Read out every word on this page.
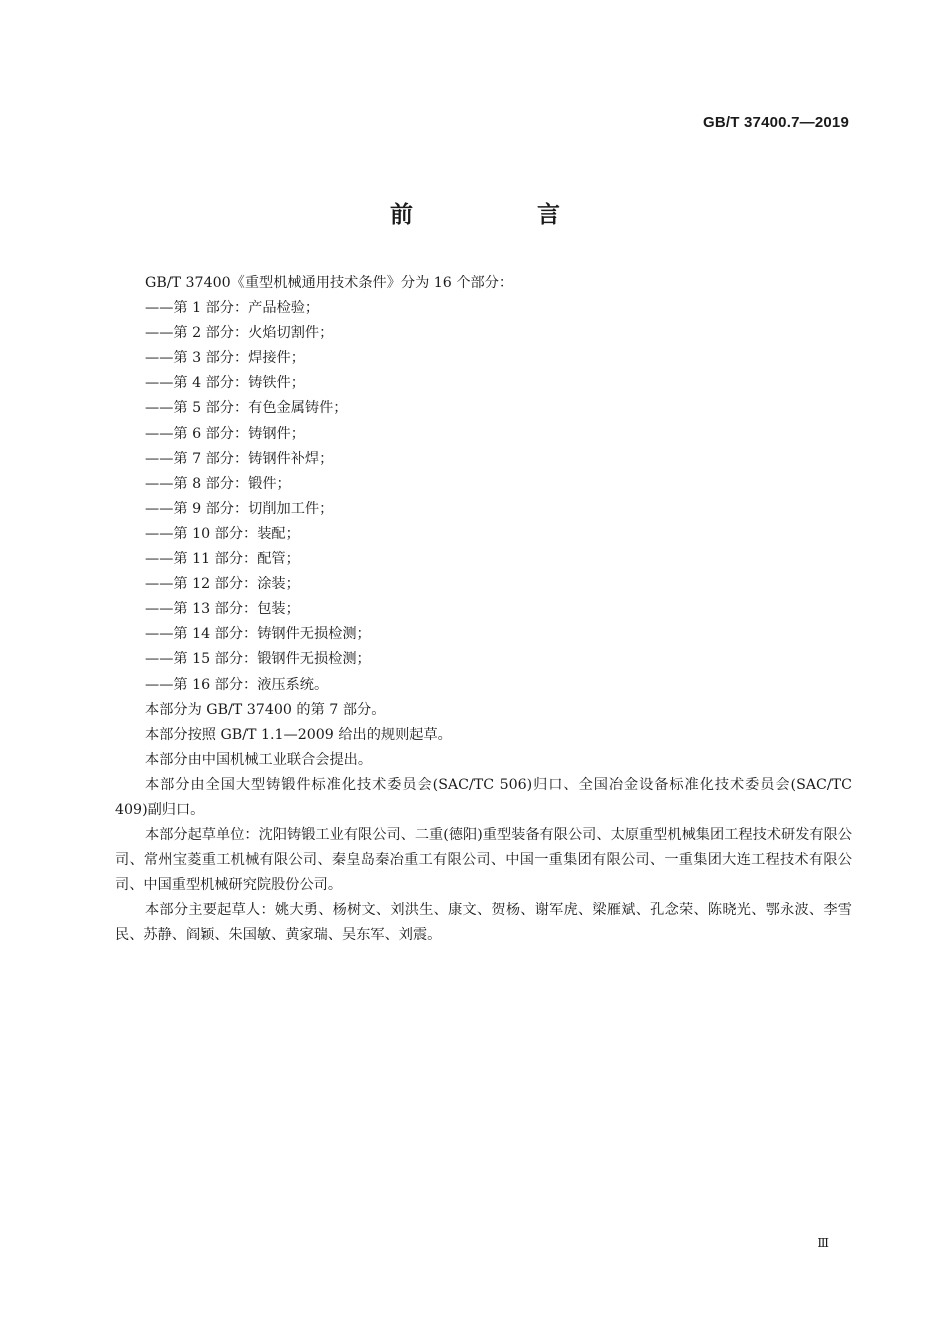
GB/T 37400.7—2019
前 言

GB/T 37400《重型机械通用技术条件》分为 16 个部分：

——第 1 部分：产品检验；
——第 2 部分：火焰切割件；
——第 3 部分：焊接件；
——第 4 部分：铸铁件；
——第 5 部分：有色金属铸件；
——第 6 部分：铸钢件；
——第 7 部分：铸钢件补焊；
——第 8 部分：锻件；
——第 9 部分：切削加工件；
——第 10 部分：装配；
——第 11 部分：配管；
——第 12 部分：涂装；
——第 13 部分：包装；
——第 14 部分：铸钢件无损检测；
——第 15 部分：锻钢件无损检测；
——第 16 部分：液压系统。

本部分为 GB/T 37400 的第 7 部分。

本部分按照 GB/T 1.1—2009 给出的规则起草。

本部分由中国机械工业联合会提出。

本部分由全国大型铸锻件标准化技术委员会(SAC/TC 506)归口、全国冶金设备标准化技术委员会(SAC/TC 409)副归口。

本部分起草单位：沈阳铸锻工业有限公司、二重(德阳)重型装备有限公司、太原重型机械集团工程技术研发有限公司、常州宝菱重工机械有限公司、秦皇岛秦冶重工有限公司、中国一重集团有限公司、一重集团大连工程技术有限公司、中国重型机械研究院股份公司。

本部分主要起草人：姚大勇、杨树文、刘洪生、康文、贺杨、谢军虎、梁雁斌、孔念荣、陈晓光、鄂永波、李雪民、苏静、阎颖、朱国敏、黄家瑞、吴东军、刘震。

Ⅲ
